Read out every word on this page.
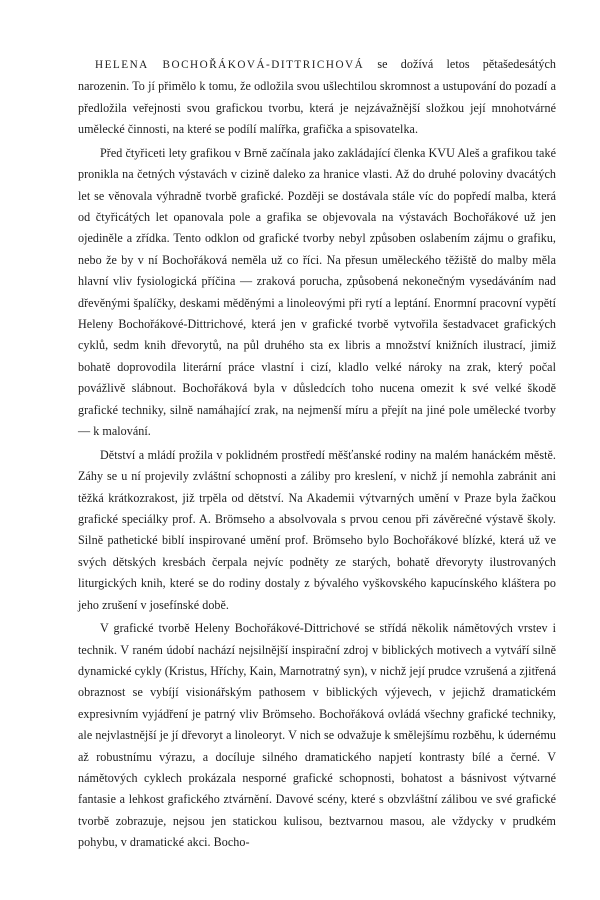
HELENA BOCHOŘÁKOVÁ-DITTRICHOVÁ se dožívá letos pětašedesátých narozenin. To jí přimělo k tomu, že odložila svou ušlechtilou skromnost a ustupování do pozadí a předložila veřejnosti svou grafickou tvorbu, která je nejzávažnější složkou její mnohotvárné umělecké činnosti, na které se podílí malířka, grafička a spisovatelka.

Před čtyřiceti lety grafikou v Brně začínala jako zakládající členka KVU Aleš a grafikou také pronikla na četných výstavách v cizině daleko za hranice vlasti. Až do druhé poloviny dvacátých let se věnovala výhradně tvorbě grafické. Později se dostávala stále víc do popředí malba, která od čtyřicátých let opanovala pole a grafika se objevovala na výstavách Bochořákové už jen ojediněle a zřídka. Tento odklon od grafické tvorby nebyl způsoben oslabením zájmu o grafiku, nebo že by v ní Bochořáková neměla už co říci. Na přesun uměleckého těžiště do malby měla hlavní vliv fysiologická příčina — zraková porucha, způsobená nekonečným vysedáváním nad dřevěnými špalíčky, deskami měděnými a linoleovými při rytí a leptání. Enormní pracovní vypětí Heleny Bochořákové-Dittrichové, která jen v grafické tvorbě vytvořila šestadvacet grafických cyklů, sedm knih dřevorytů, na půl druhého sta ex libris a množství knižních ilustrací, jimiž bohatě doprovodila literární práce vlastní i cizí, kladlo velké nároky na zrak, který počal povážlivě slábnout. Bochořáková byla v důsledcích toho nucena omezit k své velké škodě grafické techniky, silně namáhající zrak, na nejmenší míru a přejít na jiné pole umělecké tvorby — k malování.

Dětství a mládí prožila v poklidném prostředí měšťanské rodiny na malém hanáckém městě. Záhy se u ní projevily zvláštní schopnosti a záliby pro kreslení, v nichž jí nemohla zabránit ani těžká krátkozrakost, již trpěla od dětství. Na Akademii výtvarných umění v Praze byla žačkou grafické speciálky prof. A. Brömseho a absolvovala s prvou cenou při závěrečné výstavě školy. Silně pathetické biblí inspirované umění prof. Brömseho bylo Bochořákové blízké, která už ve svých dětských kresbách čerpala nejvíc podněty ze starých, bohatě dřevoryty ilustrovaných liturgických knih, které se do rodiny dostaly z bývalého vyškovského kapucínského kláštera po jeho zrušení v josefínské době.

V grafické tvorbě Heleny Bochořákové-Dittrichové se střídá několik námětových vrstev i technik. V raném údobí nachází nejsilnější inspirační zdroj v biblických motivech a vytváří silně dynamické cykly (Kristus, Hříchy, Kain, Marnotratný syn), v nichž její prudce vzrušená a zjitřená obraznost se vybíjí visionářským pathosem v biblických výjevech, v jejichž dramatickém expresivním vyjádření je patrný vliv Brömseho. Bochořáková ovládá všechny grafické techniky, ale nejvlastnější je jí dřevoryt a linoleoryt. V nich se odvažuje k smělejšímu rozběhu, k údernému až robustnímu výrazu, a docíluje silného dramatického napjetí kontrasty bílé a černé. V námětových cyklech prokázala nesporné grafické schopnosti, bohatost a básnivost výtvarné fantasie a lehkost grafického ztvárnění. Davové scény, které s obzvláštní zálibou ve své grafické tvorbě zobrazuje, nejsou jen statickou kulisou, beztvarnou masou, ale vždycky v prudkém pohybu, v dramatické akci. Bocho-
